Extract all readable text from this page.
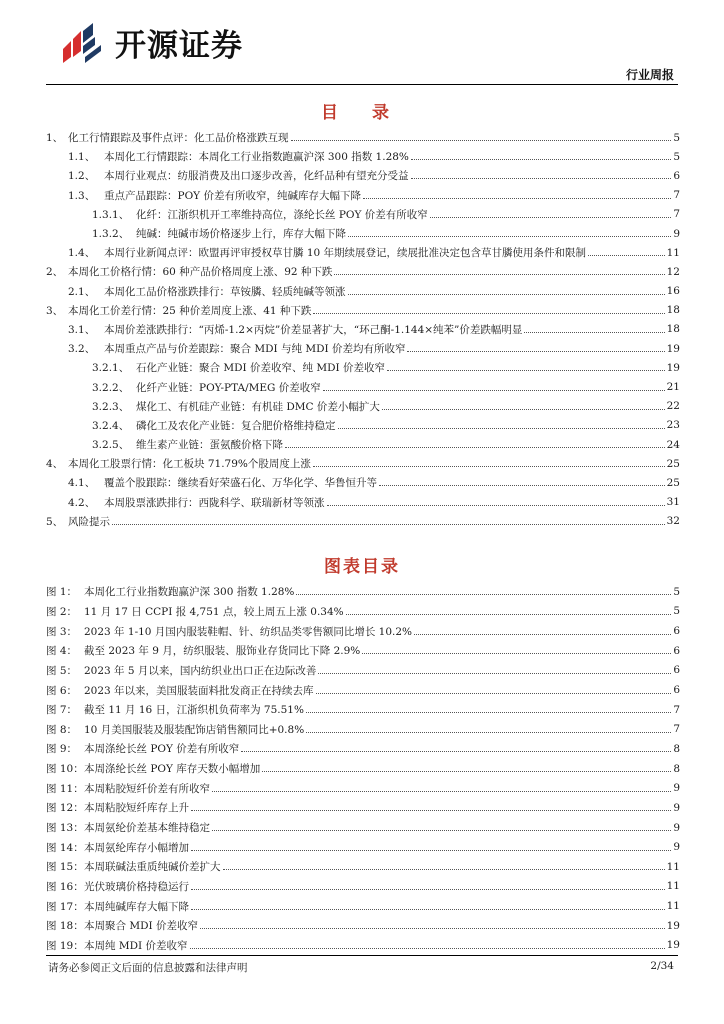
开源证券
行业周报
目 录
1、 化工行情跟踪及事件点评：化工品价格涨跌互现	5
1.1、 本周化工行情跟踪：本周化工行业指数跑赢沪深 300 指数 1.28%	5
1.2、 本周行业观点：纺服消费及出口逐步改善，化纤品种有望充分受益	6
1.3、 重点产品跟踪：POY 价差有所收窄，纯碱库存大幅下降	7
1.3.1、 化纤：江浙织机开工率维持高位，涤纶长丝 POY 价差有所收窄	7
1.3.2、 纯碱：纯碱市场价格逐步上行，库存大幅下降	9
1.4、 本周行业新闻点评：欧盟再评审授权草甘膦 10 年期续展登记，续展批准决定包含草甘膦使用条件和限制	11
2、 本周化工价格行情：60 种产品价格周度上涨、92 种下跌	12
2.1、 本周化工品价格涨跌排行：草铵膦、轻质纯碱等领涨	16
3、 本周化工价差行情：25 种价差周度上涨、41 种下跌	18
3.1、 本周价差涨跌排行：“丙烯-1.2×丙烷”价差显著扩大，“环己酮-1.144×纯苯”价差跌幅明显	18
3.2、 本周重点产品与价差跟踪：聚合 MDI 与纯 MDI 价差均有所收窄	19
3.2.1、 石化产业链：聚合 MDI 价差收窄、纯 MDI 价差收窄	19
3.2.2、 化纤产业链：POY-PTA/MEG 价差收窄	21
3.2.3、 煤化工、有机硅产业链：有机硅 DMC 价差小幅扩大	22
3.2.4、 磷化工及农化产业链：复合肥价格维持稳定	23
3.2.5、 维生素产业链：蛋氨酸价格下降	24
4、 本周化工股票行情：化工板块 71.79%个股周度上涨	25
4.1、 覆盖个股跟踪：继续看好荣盛石化、万华化学、华鲁恒升等	25
4.2、 本周股票涨跌排行：西陇科学、联瑞新材等领涨	31
5、 风险提示	32
图表目录
图 1： 本周化工行业指数跑赢沪深 300 指数 1.28%	5
图 2： 11 月 17 日 CCPI 报 4,751 点，较上周五上涨 0.34%	5
图 3： 2023 年 1-10 月国内服装鞋帽、针、纺织品类零售额同比增长 10.2%	6
图 4： 截至 2023 年 9 月，纺织服装、服饰业存货同比下降 2.9%	6
图 5： 2023 年 5 月以来，国内纺织业出口正在边际改善	6
图 6： 2023 年以来，美国服装面料批发商正在持续去库	6
图 7： 截至 11 月 16 日，江浙织机负荷率为 75.51%	7
图 8： 10 月美国服装及服装配饰店销售额同比+0.8%	7
图 9： 本周涤纶长丝 POY 价差有所收窄	8
图 10： 本周涤纶长丝 POY 库存天数小幅增加	8
图 11： 本周粘胶短纤价差有所收窄	9
图 12： 本周粘胶短纤库存上升	9
图 13： 本周氨纶价差基本维持稳定	9
图 14： 本周氨纶库存小幅增加	9
图 15： 本周联碱法重质纯碱价差扩大	11
图 16： 光伏玻璃价格持稳运行	11
图 17： 本周纯碱库存大幅下降	11
图 18： 本周聚合 MDI 价差收窄	19
图 19： 本周纯 MDI 价差收窄	19
请务必参阅正文后面的信息披露和法律声明	2/34
